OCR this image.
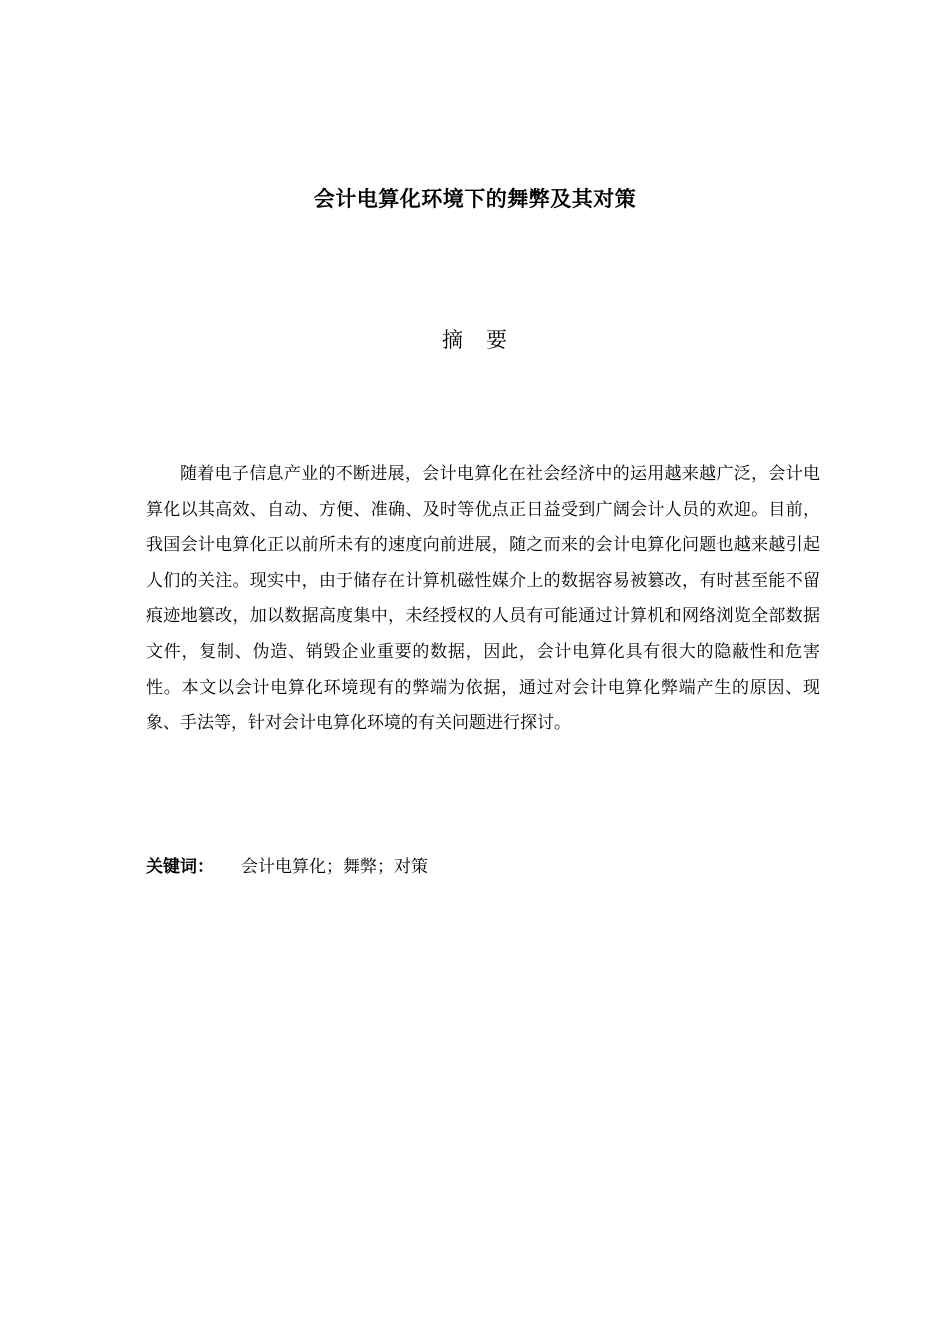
会计电算化环境下的舞弊及其对策
摘　要

随着电子信息产业的不断进展，会计电算化在社会经济中的运用越来越广泛，会计电算化以其高效、自动、方便、准确、及时等优点正日益受到广阔会计人员的欢迎。目前，我国会计电算化正以前所未有的速度向前进展，随之而来的会计电算化问题也越来越引起人们的关注。现实中，由于储存在计算机磁性媒介上的数据容易被篡改，有时甚至能不留痕迹地篡改，加以数据高度集中，未经授权的人员有可能通过计算机和网络浏览全部数据文件，复制、伪造、销毁企业重要的数据，因此，会计电算化具有很大的隐蔽性和危害性。本文以会计电算化环境现有的弊端为依据，通过对会计电算化弊端产生的原因、现象、手法等，针对会计电算化环境的有关问题进行探讨。

关键词： 会计电算化；舞弊；对策
